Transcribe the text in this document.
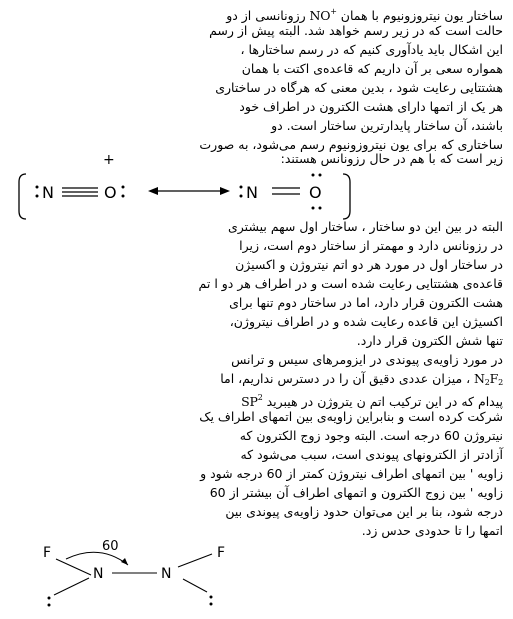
ساختار یون نیتروزونیوم با همان NO+ رزونانسی از دو
حالت است که در زیر رسم خواهد شد. البته پیش از رسم
این اشکال باید یادآوری کنیم که در رسم ساختارها ،
همواره سعی بر آن داریم که قاعده‌ی اکتت با همان
هشتتایی رعایت شود ، بدین معنی که هرگاه در ساختاری
هر یک از اتمها دارای هشت الکترون در اطراف خود
باشند، آن ساختار پایدارترین ساختار است. دو
ساختاری که برای یون نیتروزونیوم رسم می‌شود، به صورت
زیر است که با هم در حال رزونانس هستند:
+
N	O	N	O
البته در بین این دو ساختار ، ساختار اول سهم بیشتری
در رزونانس دارد و مهمتر از ساختار دوم است، زیرا
در ساختار اول در مورد هر دو اتم نیتروژن و اکسیژن
قاعده‌ی هشتتایی رعایت شده است و در اطراف هر دو ا تم
هشت الکترون قرار دارد، اما در ساختار دوم تنها برای
اکسیژن این قاعده رعایت شده و در اطراف نیتروژن،
تنها شش الکترون قرار دارد.
در مورد زاویه‌ی پیوندی در ایزومرهای سیس و ترانس
$N_2F_2$ ، میزان عددی دقیق آن را در دسترس نداریم، اما
پیدام که در این ترکیب اتم ن یتروژن در هیبرید $SP^2$
شرکت کرده است و بنابراین زاویه‌ی بین اتمهای اطراف یک
نیتروژن 60 درجه است. البته وجود زوج الکترون که
آزادتر از الکترونهای پیوندی است، سبب می‌شود که
زاویه ' بین اتمهای اطراف نیتروژن کمتر از 60 درجه شود و
زاویه ' بین زوج الکترون و اتمهای اطراف آن بیشتر از 60
درجه شود، بنا بر این می‌توان حدود زاویه‌ی پیوندی بین
اتمها را تا حدودی حدس زد.
60
F
N	N
F
